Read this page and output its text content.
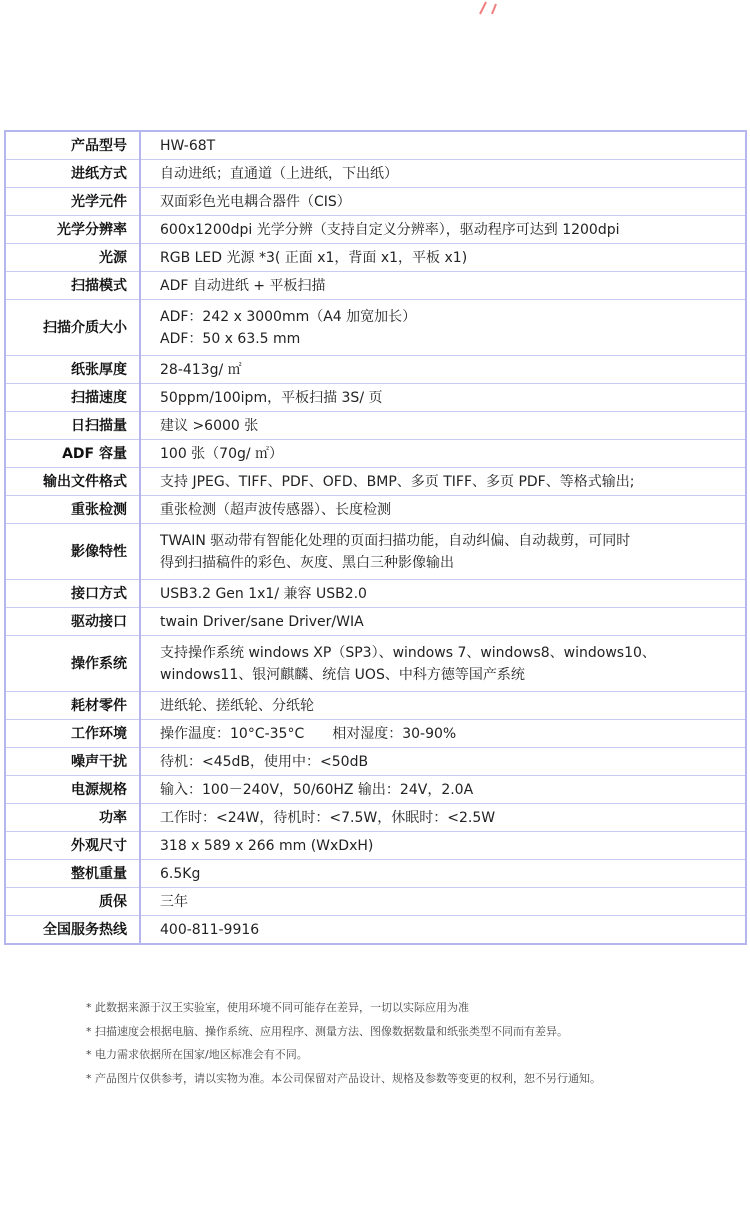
产品型号	HW-68T

进纸方式	自动进纸；直通道（上进纸，下出纸）

光学元件	双面彩色光电耦合器件（CIS）

光学分辨率	600x1200dpi 光学分辨（支持自定义分辨率），驱动程序可达到 1200dpi

光源	RGB LED 光源 *3( 正面 x1，背面 x1，平板 x1)

扫描模式	ADF 自动进纸 + 平板扫描

扫描介质大小	ADF：242 x 3000mm（A4 加宽加长）
ADF：50 x 63.5 mm

纸张厚度	28-413g/ ㎡

扫描速度	50ppm/100ipm，平板扫描 3S/ 页

日扫描量	建议 >6000 张

ADF 容量	100 张（70g/ ㎡）

输出文件格式	支持 JPEG、TIFF、PDF、OFD、BMP、多页 TIFF、多页 PDF、等格式输出;

重张检测	重张检测（超声波传感器）、长度检测

影像特性	TWAIN 驱动带有智能化处理的页面扫描功能，自动纠偏、自动裁剪，可同时
得到扫描稿件的彩色、灰度、黑白三种影像输出

接口方式	USB3.2 Gen 1x1/ 兼容 USB2.0

驱动接口	twain Driver/sane Driver/WIA

操作系统	支持操作系统 windows XP（SP3）、windows 7、windows8、windows10、
windows11、银河麒麟、统信 UOS、中科方德等国产系统

耗材零件	进纸轮、搓纸轮、分纸轮

工作环境	操作温度：10°C-35°C　　相对湿度：30-90%

噪声干扰	待机：<45dB，使用中：<50dB

电源规格	输入：100－240V，50/60HZ 输出：24V，2.0A

功率	工作时：<24W，待机时：<7.5W，休眠时：<2.5W

外观尺寸	318 x 589 x 266 mm (WxDxH)

整机重量	6.5Kg

质保	三年

全国服务热线	400-811-9916
* 此数据来源于汉王实验室，使用环境不同可能存在差异，一切以实际应用为准
* 扫描速度会根据电脑、操作系统、应用程序、测量方法、图像数据数量和纸张类型不同而有差异。
* 电力需求依据所在国家/地区标准会有不同。
* 产品图片仅供参考，请以实物为准。本公司保留对产品设计、规格及参数等变更的权利，恕不另行通知。
